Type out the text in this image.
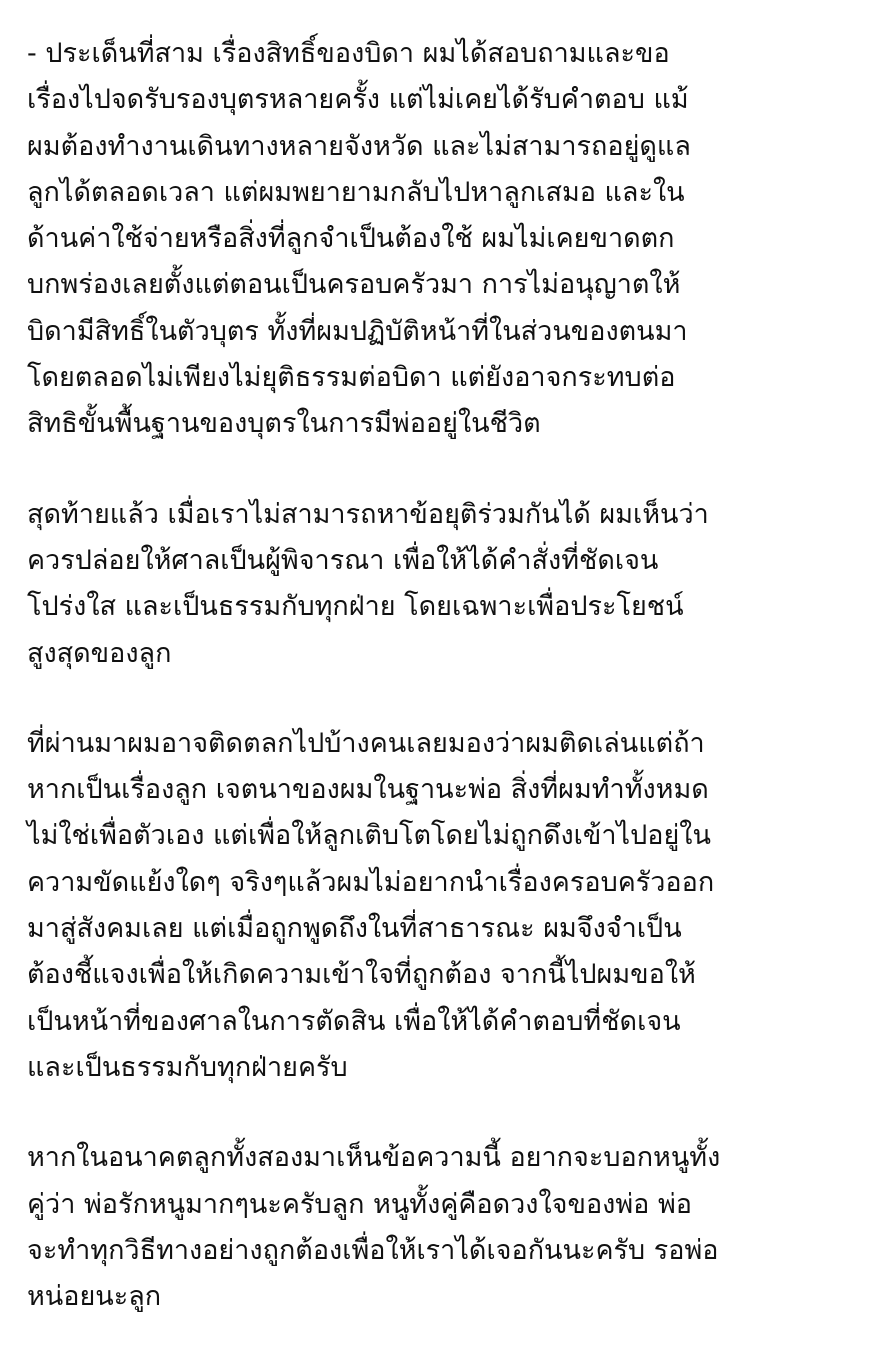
- ประเด็นที่สาม เรื่องสิทธิ์ของบิดา ผมได้สอบถามและขอ
เรื่องไปจดรับรองบุตรหลายครั้ง แต่ไม่เคยได้รับคำตอบ แม้
ผมต้องทำงานเดินทางหลายจังหวัด และไม่สามารถอยู่ดูแล
ลูกได้ตลอดเวลา แต่ผมพยายามกลับไปหาลูกเสมอ และใน
ด้านค่าใช้จ่ายหรือสิ่งที่ลูกจำเป็นต้องใช้ ผมไม่เคยขาดตก
บกพร่องเลยตั้งแต่ตอนเป็นครอบครัวมา การไม่อนุญาตให้
บิดามีสิทธิ์ในตัวบุตร ทั้งที่ผมปฏิบัติหน้าที่ในส่วนของตนมา
โดยตลอดไม่เพียงไม่ยุติธรรมต่อบิดา แต่ยังอาจกระทบต่อ
สิทธิขั้นพื้นฐานของบุตรในการมีพ่ออยู่ในชีวิต

สุดท้ายแล้ว เมื่อเราไม่สามารถหาข้อยุติร่วมกันได้ ผมเห็นว่า
ควรปล่อยให้ศาลเป็นผู้พิจารณา เพื่อให้ได้คำสั่งที่ชัดเจน
โปร่งใส และเป็นธรรมกับทุกฝ่าย โดยเฉพาะเพื่อประโยชน์
สูงสุดของลูก

ที่ผ่านมาผมอาจติดตลกไปบ้างคนเลยมองว่าผมติดเล่นแต่ถ้า
หากเป็นเรื่องลูก เจตนาของผมในฐานะพ่อ สิ่งที่ผมทำทั้งหมด
ไม่ใช่เพื่อตัวเอง แต่เพื่อให้ลูกเติบโตโดยไม่ถูกดึงเข้าไปอยู่ใน
ความขัดแย้งใดๆ จริงๆแล้วผมไม่อยากนำเรื่องครอบครัวออก
มาสู่สังคมเลย แต่เมื่อถูกพูดถึงในที่สาธารณะ ผมจึงจำเป็น
ต้องชี้แจงเพื่อให้เกิดความเข้าใจที่ถูกต้อง จากนี้ไปผมขอให้
เป็นหน้าที่ของศาลในการตัดสิน เพื่อให้ได้คำตอบที่ชัดเจน
และเป็นธรรมกับทุกฝ่ายครับ

หากในอนาคตลูกทั้งสองมาเห็นข้อความนี้ อยากจะบอกหนูทั้ง
คู่ว่า พ่อรักหนูมากๆนะครับลูก หนูทั้งคู่คือดวงใจของพ่อ พ่อ
จะทำทุกวิธีทางอย่างถูกต้องเพื่อให้เราได้เจอกันนะครับ รอพ่อ
หน่อยนะลูก
